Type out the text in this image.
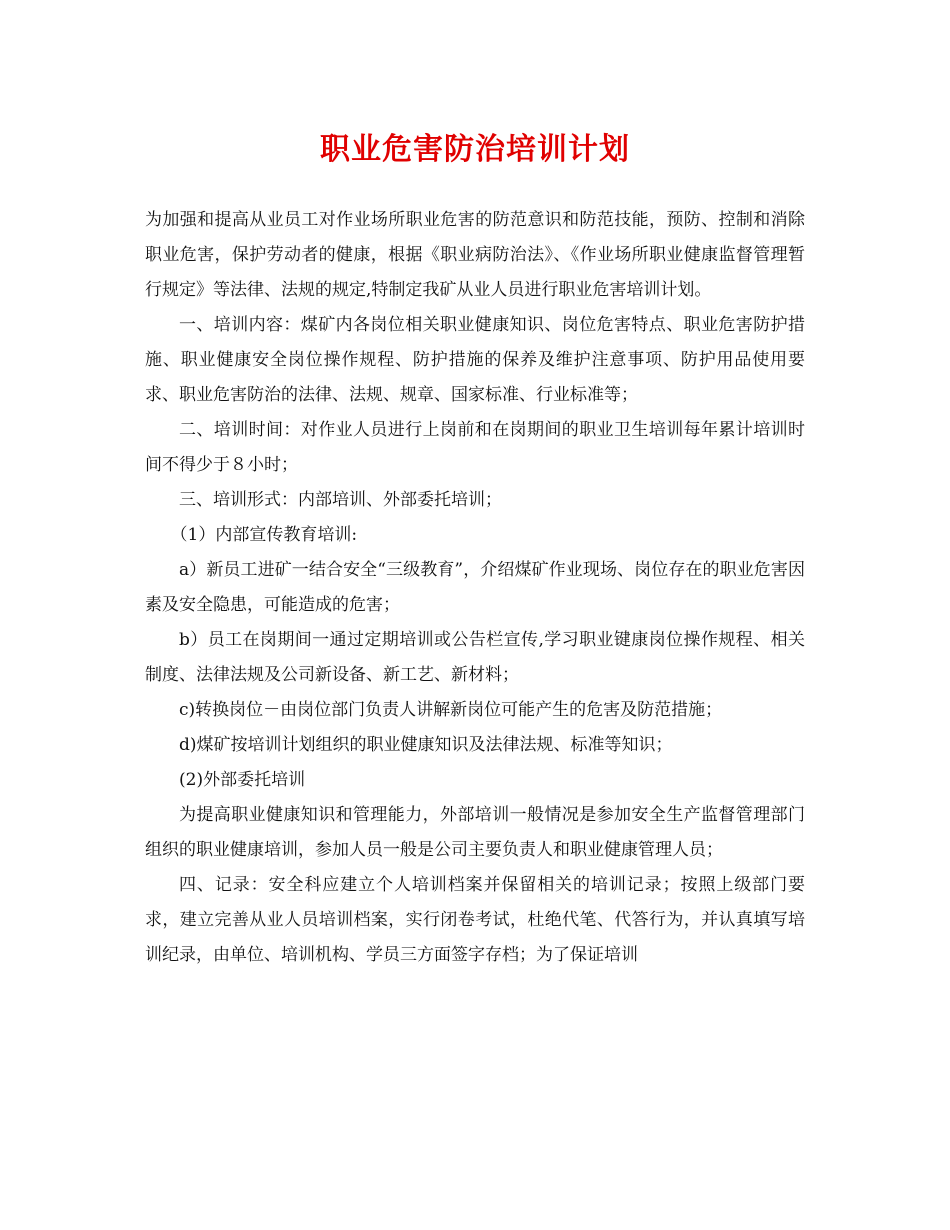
职业危害防治培训计划

为加强和提高从业员工对作业场所职业危害的防范意识和防范技能，预防、控制和消除职业危害，保护劳动者的健康，根据《职业病防治法》、《作业场所职业健康监督管理暂行规定》等法律、法规的规定,特制定我矿从业人员进行职业危害培训计划。

一、培训内容：煤矿内各岗位相关职业健康知识、岗位危害特点、职业危害防护措施、职业健康安全岗位操作规程、防护措施的保养及维护注意事项、防护用品使用要求、职业危害防治的法律、法规、规章、国家标准、行业标准等；

二、培训时间：对作业人员进行上岗前和在岗期间的职业卫生培训每年累计培训时间不得少于８小时；

三、培训形式：内部培训、外部委托培训；

（1）内部宣传教育培训:

a）新员工进矿一结合安全“三级教育”，介绍煤矿作业现场、岗位存在的职业危害因素及安全隐患，可能造成的危害；

b）员工在岗期间一通过定期培训或公告栏宣传,学习职业键康岗位操作规程、相关制度、法律法规及公司新设备、新工艺、新材料；

c)转换岗位－由岗位部门负责人讲解新岗位可能产生的危害及防范措施；

d)煤矿按培训计划组织的职业健康知识及法律法规、标准等知识；

(2)外部委托培训

为提高职业健康知识和管理能力，外部培训一般情况是参加安全生产监督管理部门组织的职业健康培训，参加人员一般是公司主要负责人和职业健康管理人员；

四、记录：安全科应建立个人培训档案并保留相关的培训记录；按照上级部门要求，建立完善从业人员培训档案，实行闭卷考试，杜绝代笔、代答行为，并认真填写培训纪录，由单位、培训机构、学员三方面签字存档；为了保证培训
